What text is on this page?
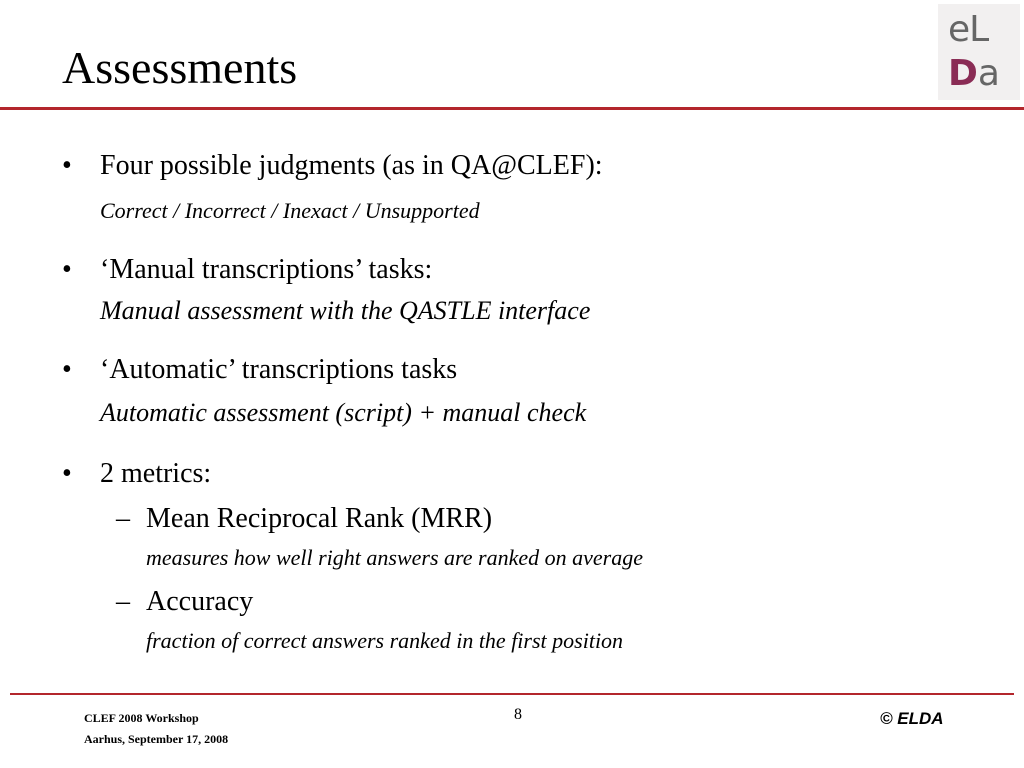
Assessments
eL
Da
• Four possible judgments (as in QA@CLEF):
Correct / Incorrect / Inexact / Unsupported
• ‘Manual transcriptions’ tasks:
Manual assessment with the QASTLE interface
• ‘Automatic’ transcriptions tasks
Automatic assessment (script) + manual check
• 2 metrics:
– Mean Reciprocal Rank (MRR)
measures how well right answers are ranked on average
– Accuracy
fraction of correct answers ranked in the first position
CLEF 2008 Workshop
Aarhus, September 17, 2008
8	© ELDA
